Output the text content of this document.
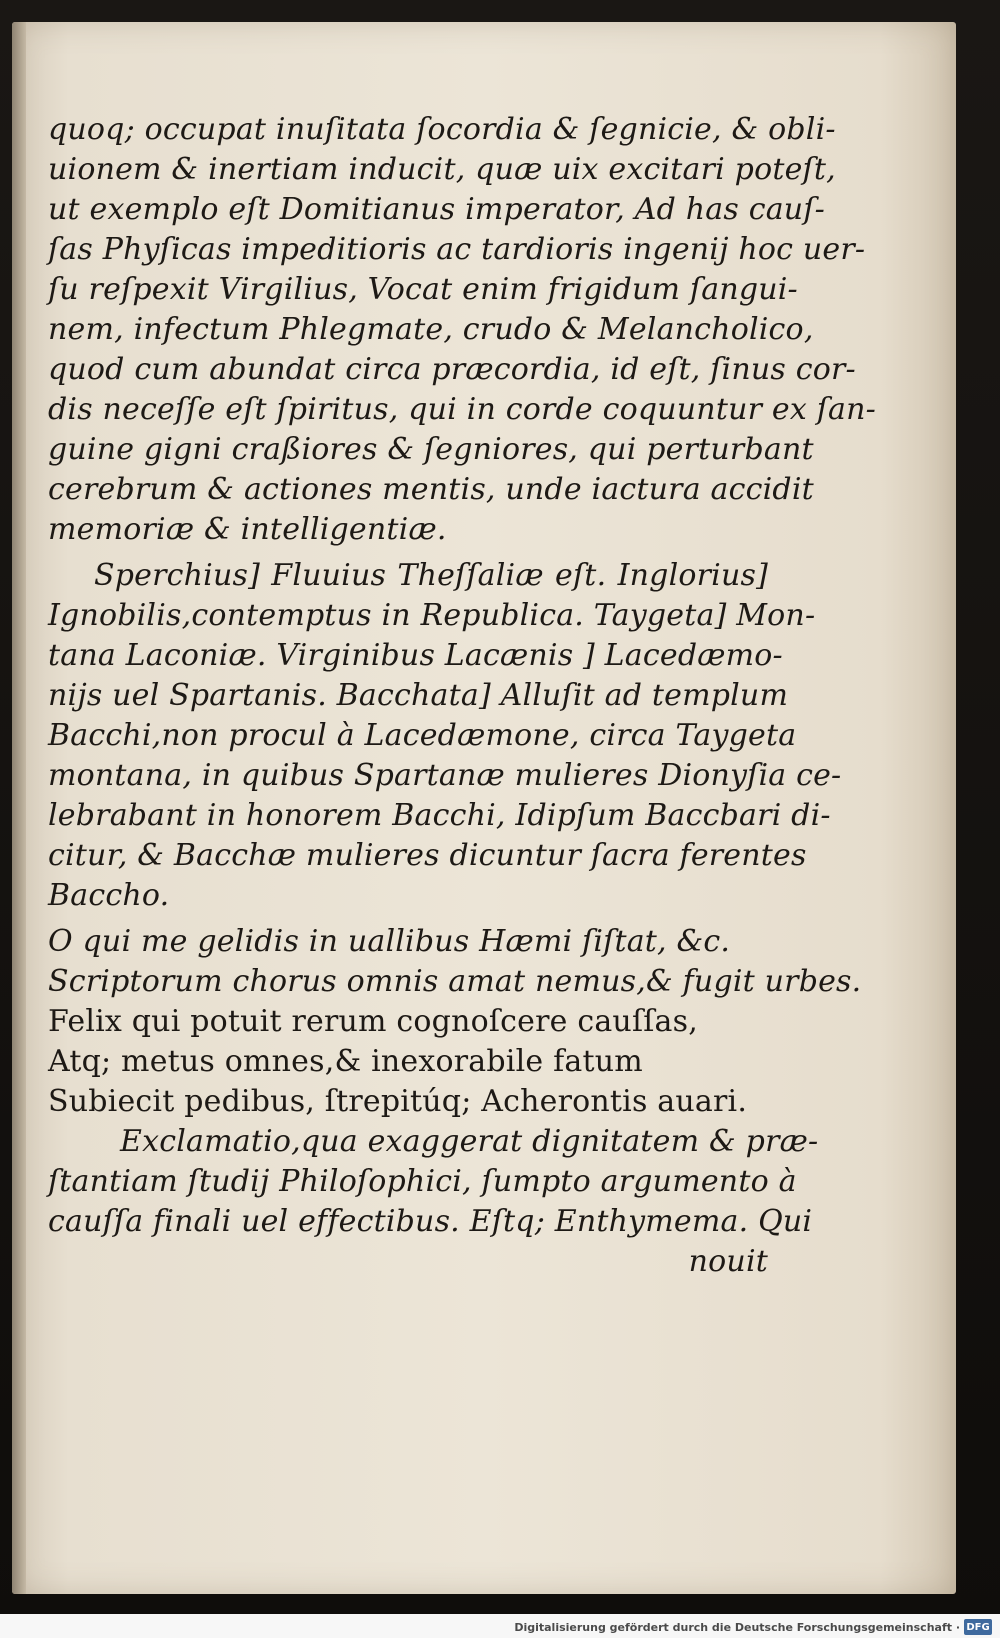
quoq; occupat inuſitata ſocordia & ſegnicie, & obli-
uionem & inertiam inducit, quæ uix excitari poteſt,
ut exemplo eſt Domitianus imperator, Ad has cauſ-
ſas Phyſicas impeditioris ac tardioris ingenij hoc uer-
ſu reſpexit Virgilius, Vocat enim frigidum ſangui-
nem, infectum Phlegmate, crudo & Melancholico,
quod cum abundat circa præcordia, id eſt, ſinus cor-
dis neceſſe eſt ſpiritus, qui in corde coquuntur ex ſan-
guine gigni craßiores & ſegniores, qui perturbant
cerebrum & actiones mentis, unde iactura accidit
memoriæ & intelligentiæ.
Sperchius] Fluuius Theſſaliæ eſt. Inglorius]
Ignobilis,contemptus in Republica. Taygeta] Mon-
tana Laconiæ. Virginibus Lacænis ] Lacedæmo-
nijs uel Spartanis. Bacchata] Alluſit ad templum
Bacchi,non procul à Lacedæmone, circa Taygeta
montana, in quibus Spartanæ mulieres Dionyſia ce-
lebrabant in honorem Bacchi, Idipſum Baccbari di-
citur, & Bacchæ mulieres dicuntur ſacra ferentes
Baccho.
O qui me gelidis in uallibus Hæmi ſiſtat, &c.
Scriptorum chorus omnis amat nemus,& fugit urbes.
Felix qui potuit rerum cognoſcere cauſſas,
Atq; metus omnes,& inexorabile fatum
Subiecit pedibus, ſtrepitúq; Acherontis auari.
Exclamatio,qua exaggerat dignitatem & præ-
ſtantiam ſtudij Philoſophici, ſumpto argumento à
cauſſa finali uel effectibus. Eſtq; Enthymema. Qui
nouit
Digitalisierung gefördert durch die Deutsche Forschungsgemeinschaft · DFG
